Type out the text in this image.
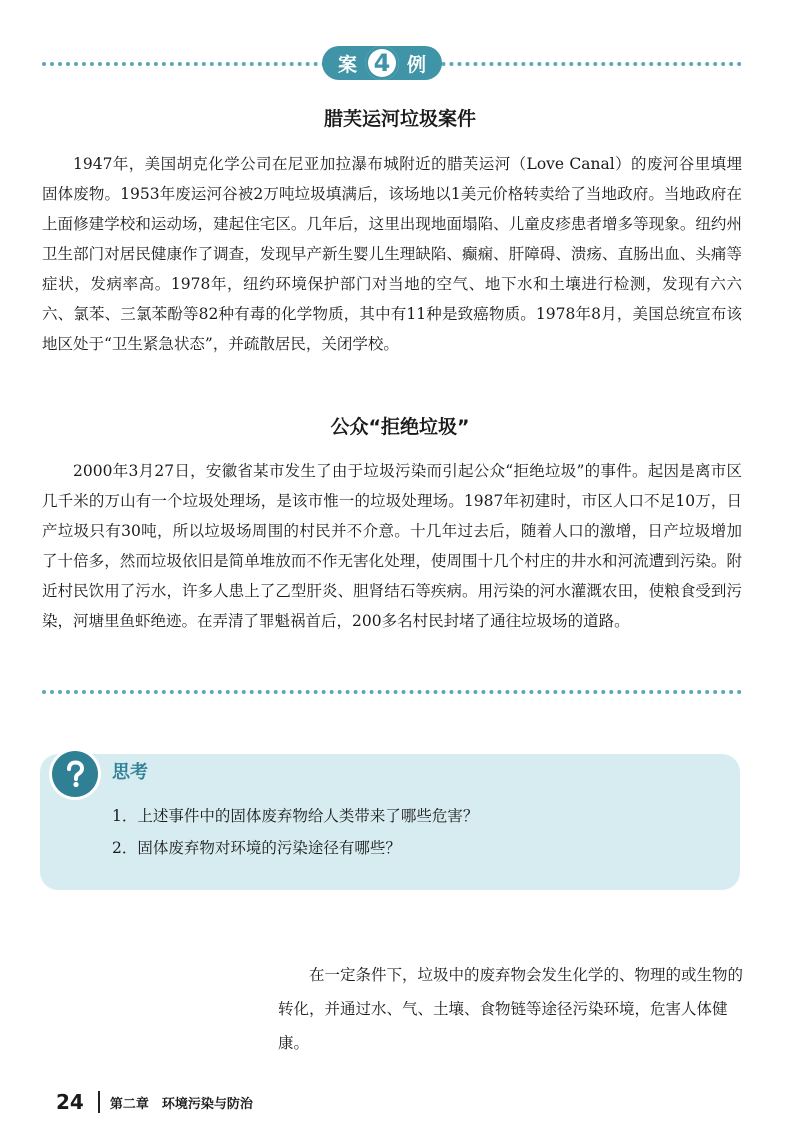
案 4 例
腊芙运河垃圾案件

1947年，美国胡克化学公司在尼亚加拉瀑布城附近的腊芙运河（Love Canal）的废河谷里填埋固体废物。1953年废运河谷被2万吨垃圾填满后，该场地以1美元价格转卖给了当地政府。当地政府在上面修建学校和运动场，建起住宅区。几年后，这里出现地面塌陷、儿童皮疹患者增多等现象。纽约州卫生部门对居民健康作了调查，发现早产新生婴儿生理缺陷、癫痫、肝障碍、溃疡、直肠出血、头痛等症状，发病率高。1978年，纽约环境保护部门对当地的空气、地下水和土壤进行检测，发现有六六六、氯苯、三氯苯酚等82种有毒的化学物质，其中有11种是致癌物质。1978年8月，美国总统宣布该地区处于“卫生紧急状态”，并疏散居民，关闭学校。

公众“拒绝垃圾”

2000年3月27日，安徽省某市发生了由于垃圾污染而引起公众“拒绝垃圾”的事件。起因是离市区几千米的万山有一个垃圾处理场，是该市惟一的垃圾处理场。1987年初建时，市区人口不足10万，日产垃圾只有30吨，所以垃圾场周围的村民并不介意。十几年过去后，随着人口的激增，日产垃圾增加了十倍多，然而垃圾依旧是简单堆放而不作无害化处理，使周围十几个村庄的井水和河流遭到污染。附近村民饮用了污水，许多人患上了乙型肝炎、胆肾结石等疾病。用污染的河水灌溉农田，使粮食受到污染，河塘里鱼虾绝迹。在弄清了罪魁祸首后，200多名村民封堵了通往垃圾场的道路。

思考
1．上述事件中的固体废弃物给人类带来了哪些危害？
2．固体废弃物对环境的污染途径有哪些？

在一定条件下，垃圾中的废弃物会发生化学的、物理的或生物的转化，并通过水、气、土壤、食物链等途径污染环境，危害人体健康。

24 第二章　环境污染与防治
